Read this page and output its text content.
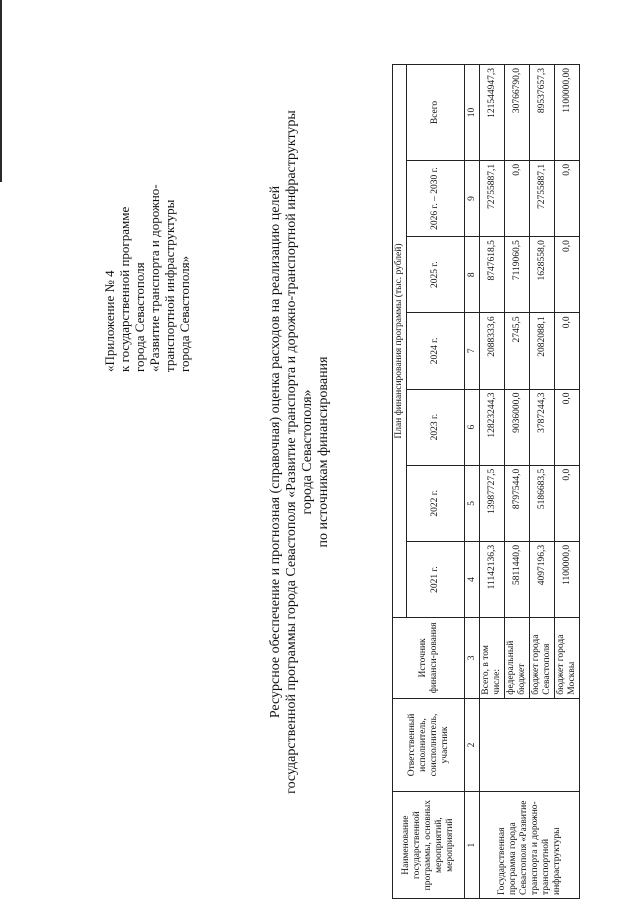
«Приложение № 4
к государственной программе
города Севастополя
«Развитие транспорта и дорожно-
транспортной инфраструктуры
города Севастополя»	Ресурсное обеспечение и прогнозная (справочная) оценка расходов на реализацию целей государственной программы города Севастополя «Развитие транспорта и дорожно-транспортной инфраструктуры города Севастополя» по источникам финансирования
Наименование государственной программы, основных мероприятий, мероприятий	Ответственный исполнитель, соисполнитель, участник	Источник финанси-рования	План финансирования программы (тыс. рублей)						
			2021 г.	2022 г.	2023 г.	2024 г.	2025 г.	2026 г. – 2030 г.	Всего
1	2	3	4	5	6	7	8	9	10
Государственная программа города Севастополя «Развитие транспорта и дорожно-транспортной инфраструктуры		Всего, в том числе:	11142136,3	13987727,5	12823244,3	2088333,6	8747618,5	72755887,1	121544947,3
		федеральный бюджет	5811440,0	8797544,0	9036000,0	2745,5	7119060,5	0,0	30766790,0
		бюджет города Севастополя	4097196,3	5186683,5	3787244,3	2082088,1	1628558,0	72755887,1	89537657,3
		бюджет города Москвы	1100000,0	0,0	0,0	0,0	0,0	0,0	1100000,00
